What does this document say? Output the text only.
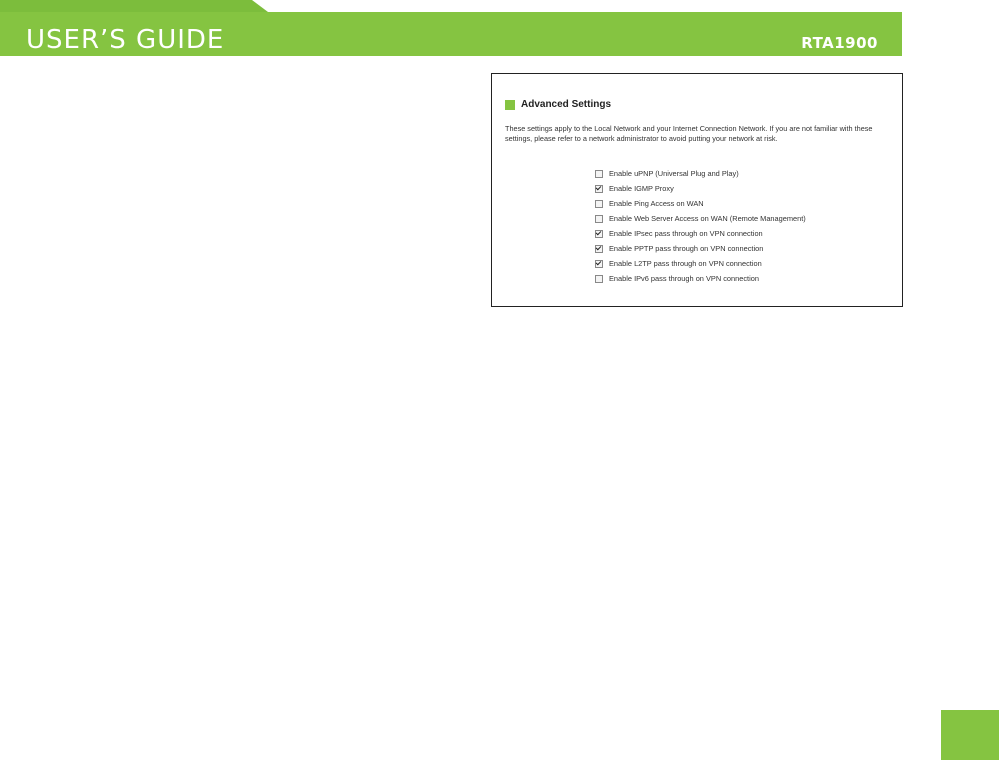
USER’S GUIDE	RTA1900
Advanced Settings
These settings apply to the Local Network and your Internet Connection Network. If you are not familiar with these settings, please refer to a network administrator to avoid putting your network at risk.
Enable uPNP (Universal Plug and Play)
Enable IGMP Proxy
Enable Ping Access on WAN
Enable Web Server Access on WAN (Remote Management)
Enable IPsec pass through on VPN connection
Enable PPTP pass through on VPN connection
Enable L2TP pass through on VPN connection
Enable IPv6 pass through on VPN connection
